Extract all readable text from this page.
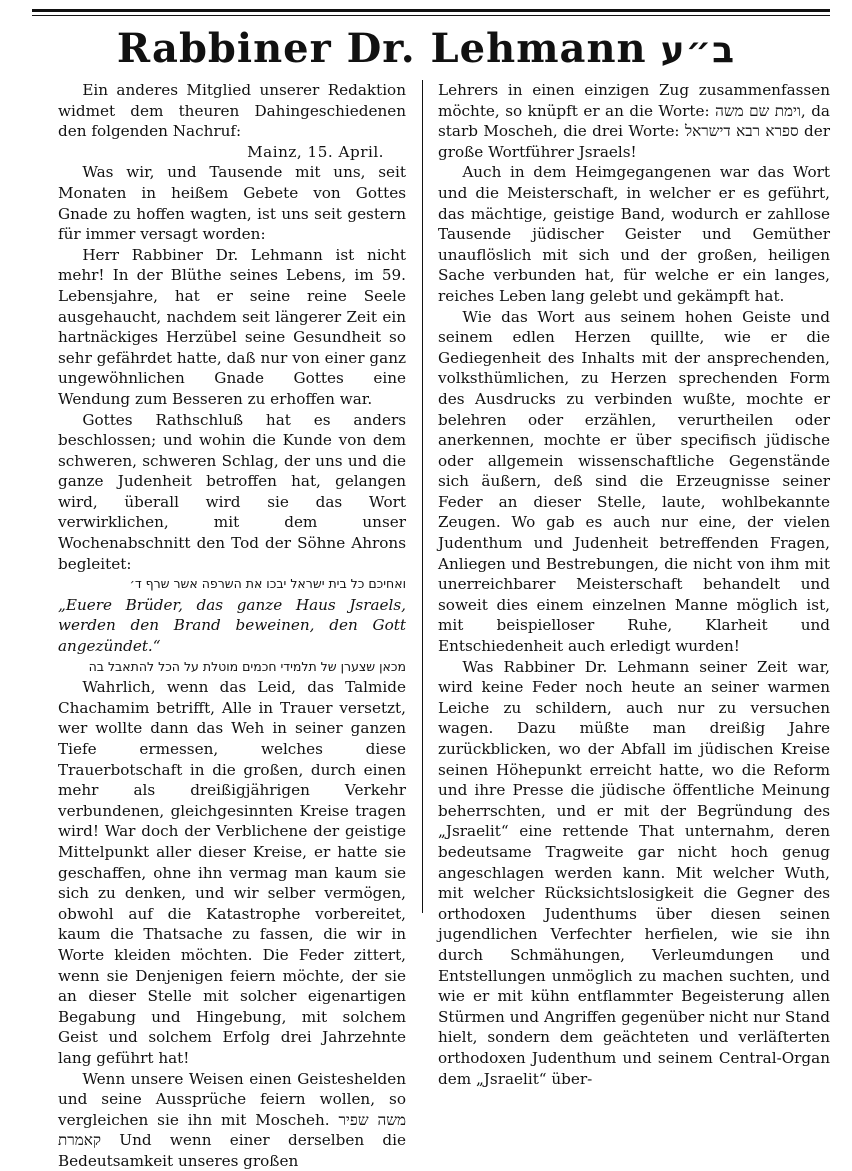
Rabbiner Dr. Lehmann ב״ע

Ein anderes Mitglied unserer Redaktion widmet dem theuren Dahingeschiedenen den folgenden Nachruf:

Mainz, 15. April.

Was wir, und Tausende mit uns, seit Monaten in heißem Gebete von Gottes Gnade zu hoffen wagten, ist uns seit gestern für immer versagt worden:

Herr Rabbiner Dr. Lehmann ist nicht mehr! In der Blüthe seines Lebens, im 59. Lebensjahre, hat er seine reine Seele ausgehaucht, nachdem seit längerer Zeit ein hartnäckiges Herzübel seine Gesundheit so sehr gefährdet hatte, daß nur von einer ganz ungewöhnlichen Gnade Gottes eine Wendung zum Besseren zu erhoffen war.

Gottes Rathschluß hat es anders beschlossen; und wohin die Kunde von dem schweren, schweren Schlag, der uns und die ganze Judenheit betroffen hat, gelangen wird, überall wird sie das Wort verwirklichen, mit dem unser Wochenabschnitt den Tod der Söhne Ahrons begleitet:

ואחיכם כל בית ישראל יבכו את השרפה אשר שרף ד׳

„Euere Brüder, das ganze Haus Jsraels, werden den Brand beweinen, den Gott angezündet.“

מכאן שצערן של תלמידי חכמים מוטלת על הכל להתאבל בה

Wahrlich, wenn das Leid, das Talmide Chachamim betrifft, Alle in Trauer versetzt, wer wollte dann das Weh in seiner ganzen Tiefe ermessen, welches diese Trauerbotschaft in die großen, durch einen mehr als dreißigjährigen Verkehr verbundenen, gleichgesinnten Kreise tragen wird! War doch der Verblichene der geistige Mittelpunkt aller dieser Kreise, er hatte sie geschaffen, ohne ihn vermag man kaum sie sich zu denken, und wir selber vermögen, obwohl auf die Katastrophe vorbereitet, kaum die Thatsache zu fassen, die wir in Worte kleiden möchten. Die Feder zittert, wenn sie Denjenigen feiern möchte, der sie an dieser Stelle mit solcher eigenartigen Begabung und Hingebung, mit solchem Geist und solchem Erfolg drei Jahrzehnte lang geführt hat!

Wenn unsere Weisen einen Geisteshelden und seine Aussprüche feiern wollen, so vergleichen sie ihn mit Moscheh. משה שפיר קאמרת Und wenn einer derselben die Bedeutsamkeit unseres großen

Lehrers in einen einzigen Zug zusammenfassen möchte, so knüpft er an die Worte: וימת שם משה, da starb Moscheh, die drei Worte: ספרא רבא דישראל der große Wortführer Jsraels!

Auch in dem Heimgegangenen war das Wort und die Meisterschaft, in welcher er es geführt, das mächtige, geistige Band, wodurch er zahllose Tausende jüdischer Geister und Gemüther unauflöslich mit sich und der großen, heiligen Sache verbunden hat, für welche er ein langes, reiches Leben lang gelebt und gekämpft hat.

Wie das Wort aus seinem hohen Geiste und seinem edlen Herzen quillte, wie er die Gediegenheit des Inhalts mit der ansprechenden, volksthümlichen, zu Herzen sprechenden Form des Ausdrucks zu verbinden wußte, mochte er belehren oder erzählen, verurtheilen oder anerkennen, mochte er über specifisch jüdische oder allgemein wissenschaftliche Gegenstände sich äußern, deß sind die Erzeugnisse seiner Feder an dieser Stelle, laute, wohlbekannte Zeugen. Wo gab es auch nur eine, der vielen Judenthum und Judenheit betreffenden Fragen, Anliegen und Bestrebungen, die nicht von ihm mit unerreichbarer Meisterschaft behandelt und soweit dies einem einzelnen Manne möglich ist, mit beispielloser Ruhe, Klarheit und Entschiedenheit auch erledigt wurden!

Was Rabbiner Dr. Lehmann seiner Zeit war, wird keine Feder noch heute an seiner warmen Leiche zu schildern, auch nur zu versuchen wagen. Dazu müßte man dreißig Jahre zurückblicken, wo der Abfall im jüdischen Kreise seinen Höhepunkt erreicht hatte, wo die Reform und ihre Presse die jüdische öffentliche Meinung beherrschten, und er mit der Begründung des „Jsraelit“ eine rettende That unternahm, deren bedeutsame Tragweite gar nicht hoch genug angeschlagen werden kann. Mit welcher Wuth, mit welcher Rücksichtslosigkeit die Gegner des orthodoxen Judenthums über diesen seinen jugendlichen Verfechter herfielen, wie sie ihn durch Schmähungen, Verleumdungen und Entstellungen unmöglich zu machen suchten, und wie er mit kühn entflammter Begeisterung allen Stürmen und Angriffen gegenüber nicht nur Stand hielt, sondern dem geächteten und verläſterten orthodoxen Judenthum und seinem Central-Organ dem „Jsraelit“ über-
